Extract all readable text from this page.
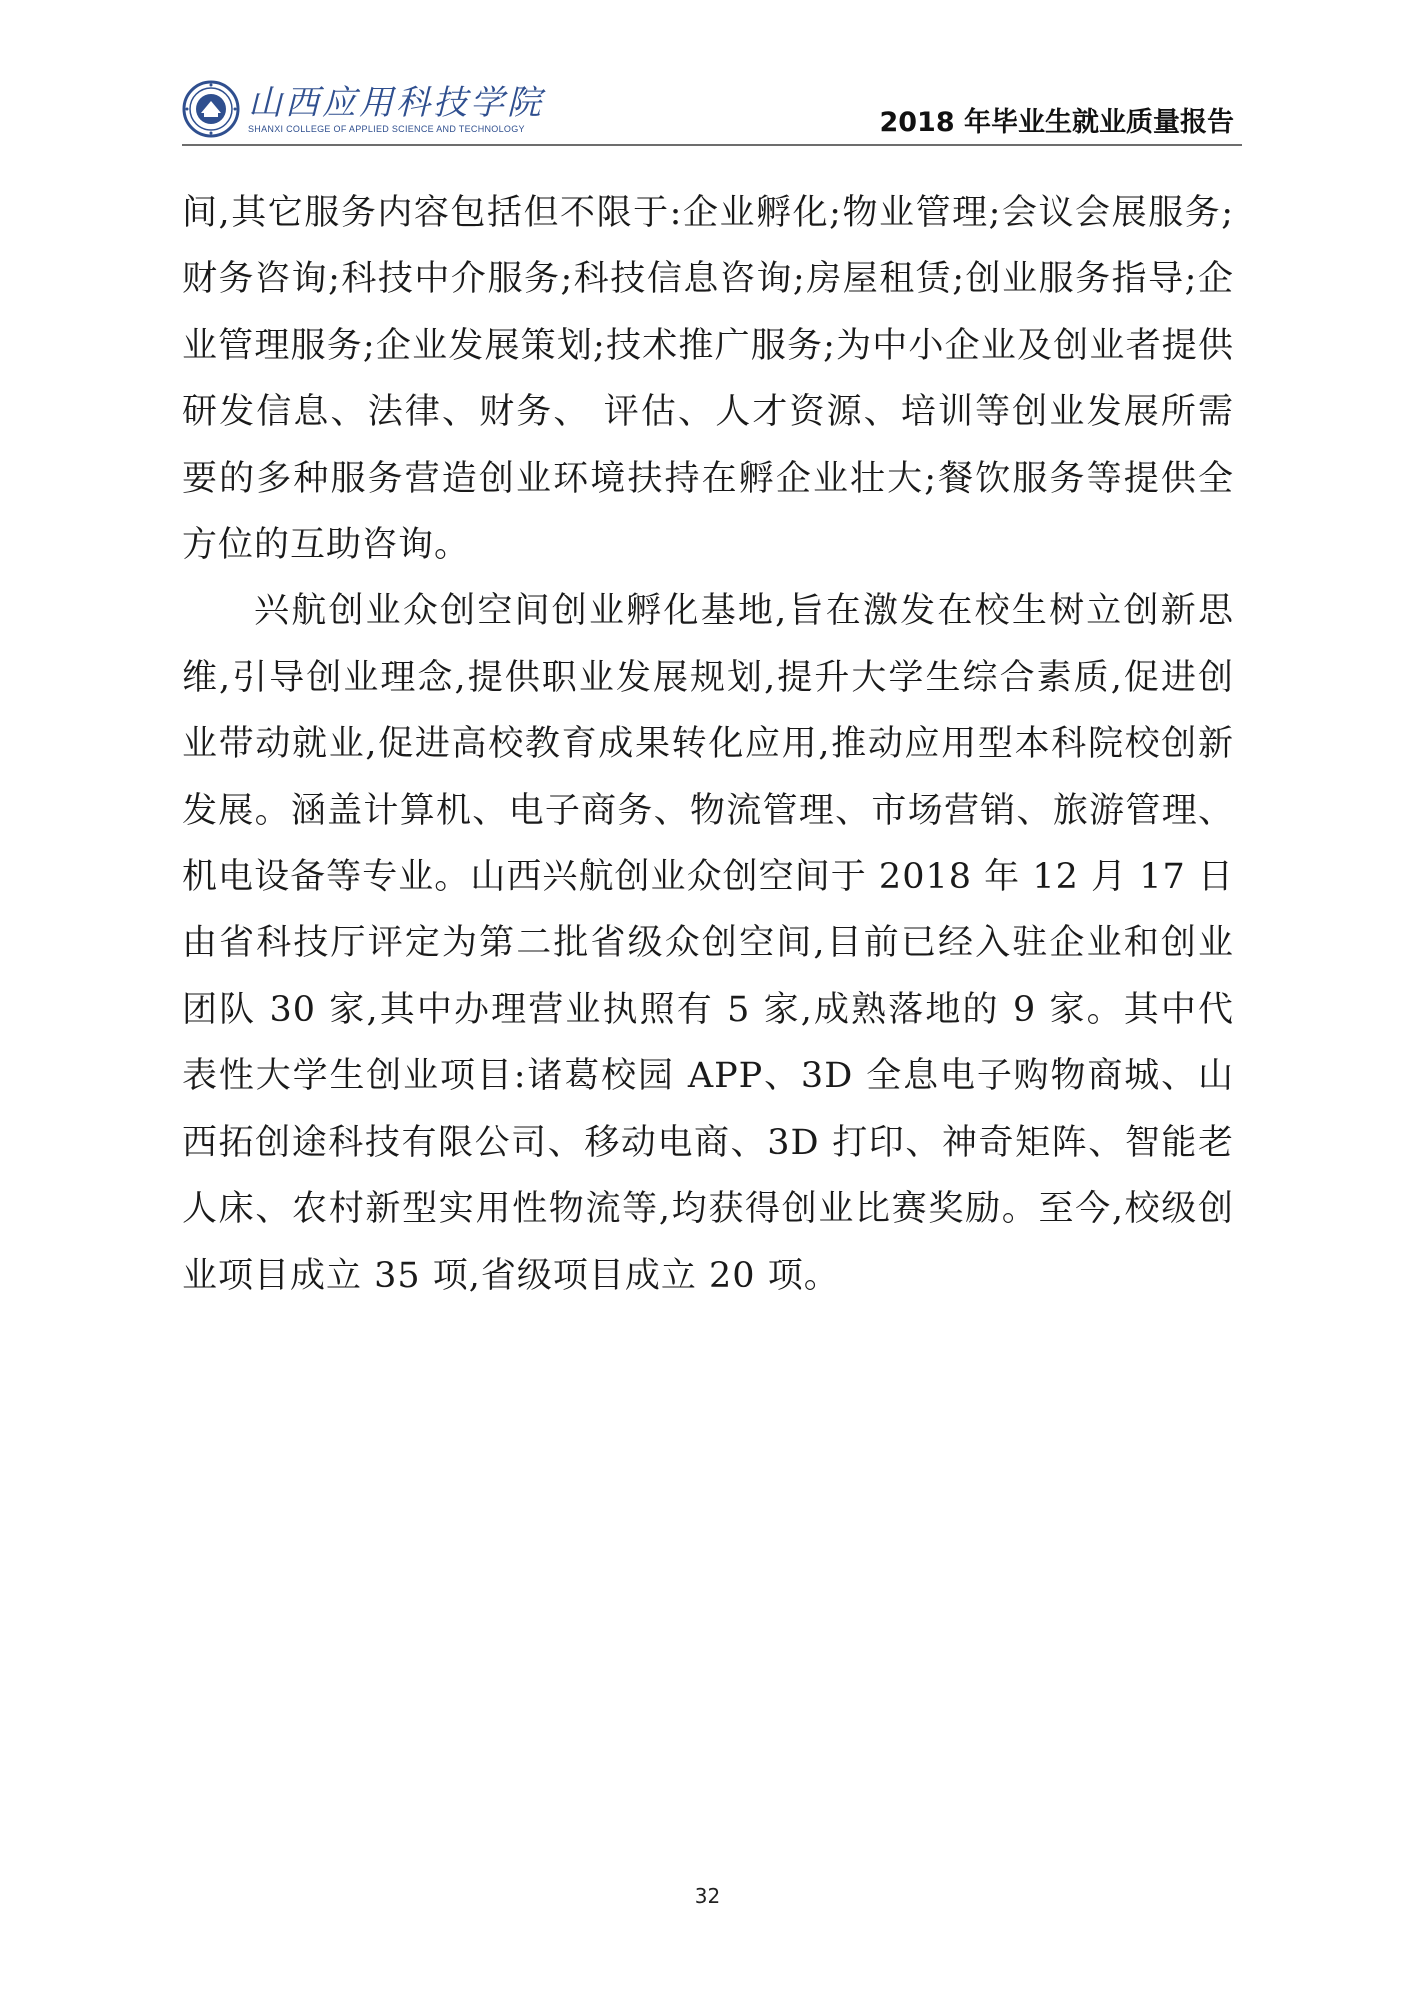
山西应用科技学院
SHANXI COLLEGE OF APPLIED SCIENCE AND TECHNOLOGY	2018 年毕业生就业质量报告

间,其它服务内容包括但不限于:企业孵化;物业管理;会议会展服务;财务咨询;科技中介服务;科技信息咨询;房屋租赁;创业服务指导;企业管理服务;企业发展策划;技术推广服务;为中小企业及创业者提供研发信息、法律、财务、 评估、人才资源、培训等创业发展所需要的多种服务营造创业环境扶持在孵企业壮大;餐饮服务等提供全方位的互助咨询。

兴航创业众创空间创业孵化基地,旨在激发在校生树立创新思维,引导创业理念,提供职业发展规划,提升大学生综合素质,促进创业带动就业,促进高校教育成果转化应用,推动应用型本科院校创新发展。涵盖计算机、电子商务、物流管理、市场营销、旅游管理、机电设备等专业。山西兴航创业众创空间于 2018 年 12 月 17 日由省科技厅评定为第二批省级众创空间,目前已经入驻企业和创业团队 30 家,其中办理营业执照有 5 家,成熟落地的 9 家。其中代表性大学生创业项目:诸葛校园 APP、3D 全息电子购物商城、山西拓创途科技有限公司、移动电商、3D 打印、神奇矩阵、智能老人床、农村新型实用性物流等,均获得创业比赛奖励。至今,校级创业项目成立 35 项,省级项目成立 20 项。

32
